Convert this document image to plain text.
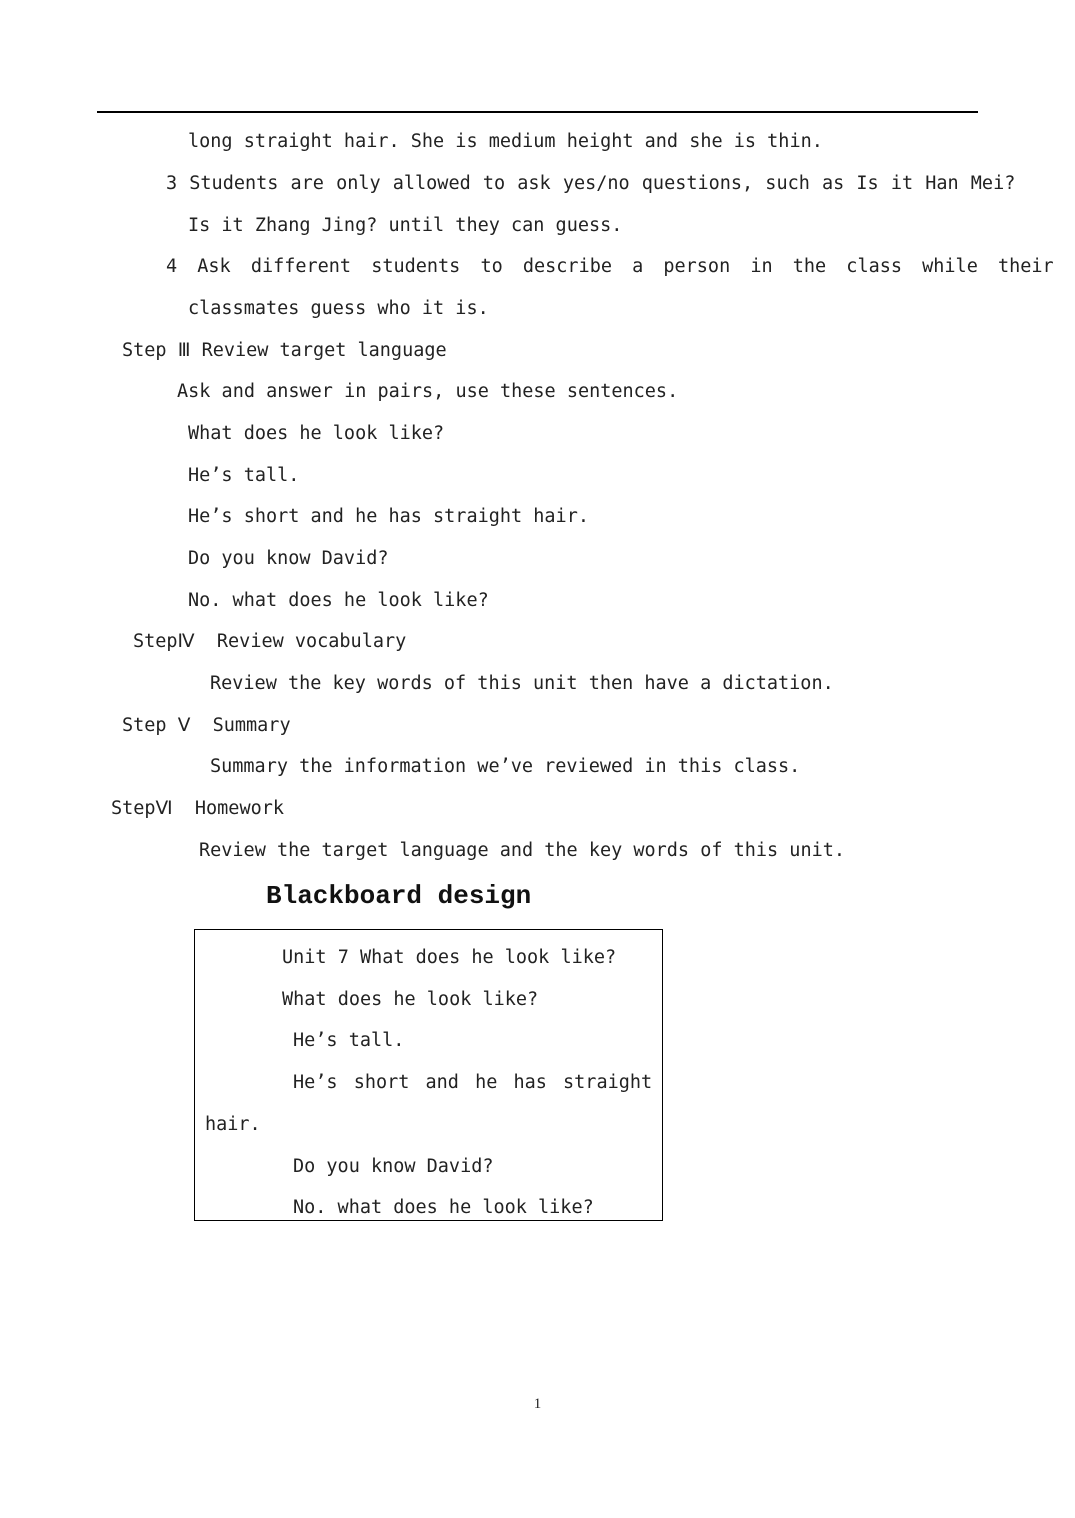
long straight hair. She is medium height and she is thin.
3 Students are only allowed to ask yes/no questions, such as Is it Han Mei?
Is it Zhang Jing? until they can guess.
4 Ask different students to describe a person in the class while their
classmates guess who it is.
Step Ⅲ Review target language
Ask and answer in pairs, use these sentences.
What does he look like?
He’s tall.
He’s short and he has straight hair.
Do you know David?
No. what does he look like?
StepⅣ  Review vocabulary
Review the key words of this unit then have a dictation.
Step Ⅴ  Summary
Summary the information we’ve reviewed in this class.
StepⅥ  Homework
Review the target language and the key words of this unit.
Blackboard design
Unit 7 What does he look like?
What does he look like?
He’s tall.
He’s short and he has straight
hair.
Do you know David?
No. what does he look like?
1
